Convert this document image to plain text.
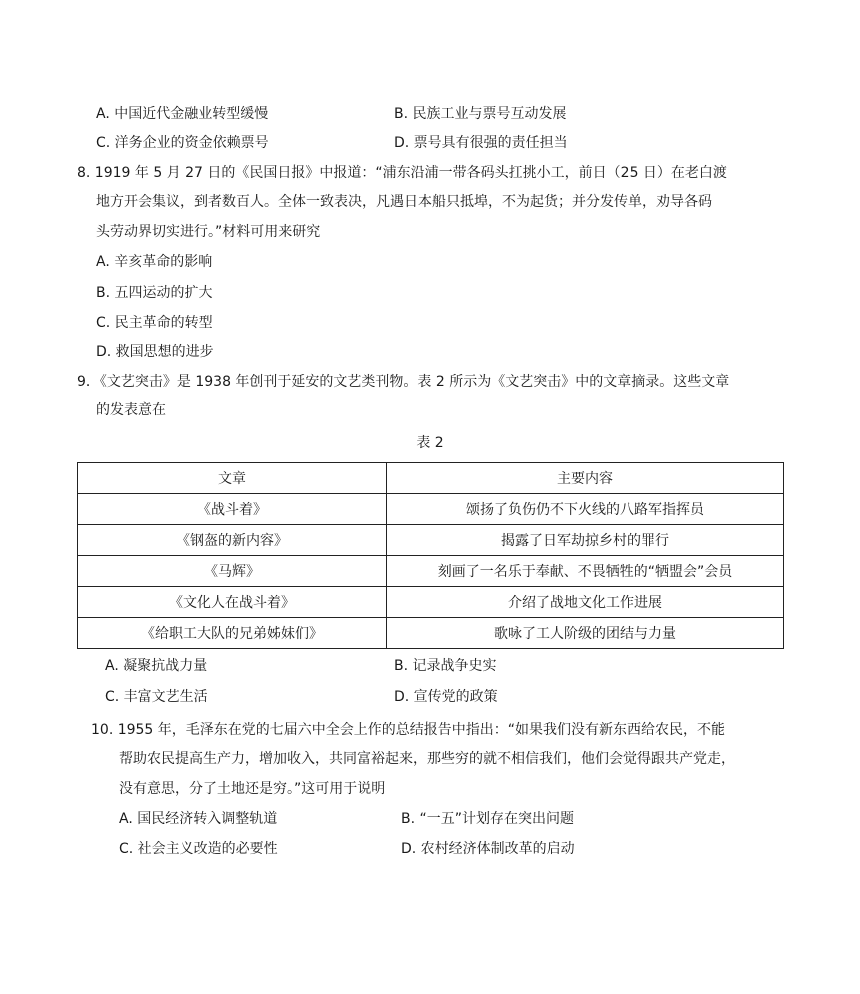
A. 中国近代金融业转型缓慢	B. 民族工业与票号互动发展
C. 洋务企业的资金依赖票号	D. 票号具有很强的责任担当
8. 1919 年 5 月 27 日的《民国日报》中报道：“浦东沿浦一带各码头扛挑小工，前日（25 日）在老白渡
地方开会集议，到者数百人。全体一致表决，凡遇日本船只抵埠，不为起货；并分发传单，劝导各码
头劳动界切实进行。”材料可用来研究
A. 辛亥革命的影响
B. 五四运动的扩大
C. 民主革命的转型
D. 救国思想的进步
9．《文艺突击》是 1938 年创刊于延安的文艺类刊物。表 2 所示为《文艺突击》中的文章摘录。这些文章
的发表意在
表 2
文章	主要内容
《战斗着》	颂扬了负伤仍不下火线的八路军指挥员
《钢盔的新内容》	揭露了日军劫掠乡村的罪行
《马辉》	刻画了一名乐于奉献、不畏牺牲的“牺盟会”会员
《文化人在战斗着》	介绍了战地文化工作进展
《给职工大队的兄弟姊妹们》	歌咏了工人阶级的团结与力量
A. 凝聚抗战力量	B. 记录战争史实
C. 丰富文艺生活	D. 宣传党的政策
10. 1955 年，毛泽东在党的七届六中全会上作的总结报告中指出：“如果我们没有新东西给农民，不能
帮助农民提高生产力，增加收入，共同富裕起来，那些穷的就不相信我们，他们会觉得跟共产党走，
没有意思，分了土地还是穷。”这可用于说明
A. 国民经济转入调整轨道	B. “一五”计划存在突出问题
C. 社会主义改造的必要性	D. 农村经济体制改革的启动
